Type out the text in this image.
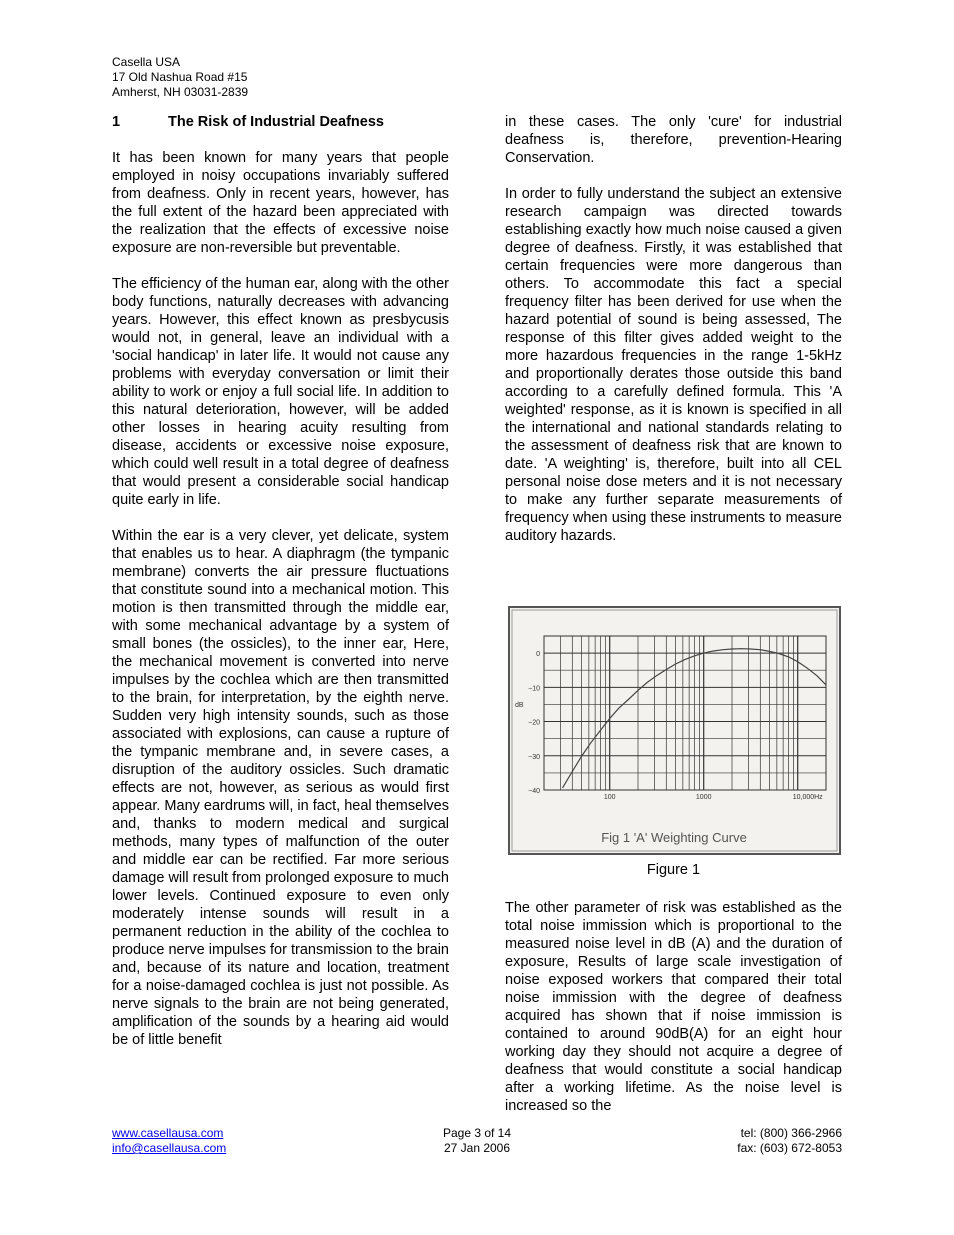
Casella USA
17 Old Nashua Road #15
Amherst, NH 03031-2839
1	The Risk of Industrial Deafness

It has been known for many years that people employed in noisy occupations invariably suffered from deafness. Only in recent years, however, has the full extent of the hazard been appreciated with the realization that the effects of excessive noise exposure are non-reversible but preventable.

The efficiency of the human ear, along with the other body functions, naturally decreases with advancing years. However, this effect known as presbycusis would not, in general, leave an individual with a 'social handicap' in later life. It would not cause any problems with everyday conversation or limit their ability to work or enjoy a full social life. In addition to this natural deterioration, however, will be added other losses in hearing acuity resulting from disease, accidents or excessive noise exposure, which could well result in a total degree of deafness that would present a considerable social handicap quite early in life.

Within the ear is a very clever, yet delicate, system that enables us to hear. A diaphragm (the tympanic membrane) converts the air pressure fluctuations that constitute sound into a mechanical motion. This motion is then transmitted through the middle ear, with some mechanical advantage by a system of small bones (the ossicles), to the inner ear, Here, the mechanical movement is converted into nerve impulses by the cochlea which are then transmitted to the brain, for interpretation, by the eighth nerve. Sudden very high intensity sounds, such as those associated with explosions, can cause a rupture of the tympanic membrane and, in severe cases, a disruption of the auditory ossicles. Such dramatic effects are not, however, as serious as would first appear. Many eardrums will, in fact, heal themselves and, thanks to modern medical and surgical methods, many types of malfunction of the outer and middle ear can be rectified. Far more serious damage will result from prolonged exposure to much lower levels. Continued exposure to even only moderately intense sounds will result in a permanent reduction in the ability of the cochlea to produce nerve impulses for transmission to the brain and, because of its nature and location, treatment for a noise-damaged cochlea is just not possible. As nerve signals to the brain are not being generated, amplification of the sounds by a hearing aid would be of little benefit

in these cases. The only 'cure' for industrial deafness is, therefore, prevention-Hearing Conservation.

In order to fully understand the subject an extensive research campaign was directed towards establishing exactly how much noise caused a given degree of deafness. Firstly, it was established that certain frequencies were more dangerous than others. To accommodate this fact a special frequency filter has been derived for use when the hazard potential of sound is being assessed, The response of this filter gives added weight to the more hazardous frequencies in the range 1-5kHz and proportionally derates those outside this band according to a carefully defined formula. This 'A weighted' response, as it is known is specified in all the international and national standards relating to the assessment of deafness risk that are known to date. 'A weighting' is, therefore, built into all CEL personal noise dose meters and it is not necessary to make any further separate measurements of frequency when using these instruments to measure auditory hazards.

0
−10
−20
−30
−40
100	1000	10,000Hz
dB
Fig 1 'A' Weighting Curve
Figure 1

The other parameter of risk was established as the total noise immission which is proportional to the measured noise level in dB (A) and the duration of exposure, Results of large scale investigation of noise exposed workers that compared their total noise immission with the degree of deafness acquired has shown that if noise immission is contained to around 90dB(A) for an eight hour working day they should not acquire a degree of deafness that would constitute a social handicap after a working lifetime. As the noise level is increased so the

www.casellausa.com
info@casellausa.com
Page 3 of 14
27 Jan 2006
tel: (800) 366-2966
fax: (603) 672-8053
